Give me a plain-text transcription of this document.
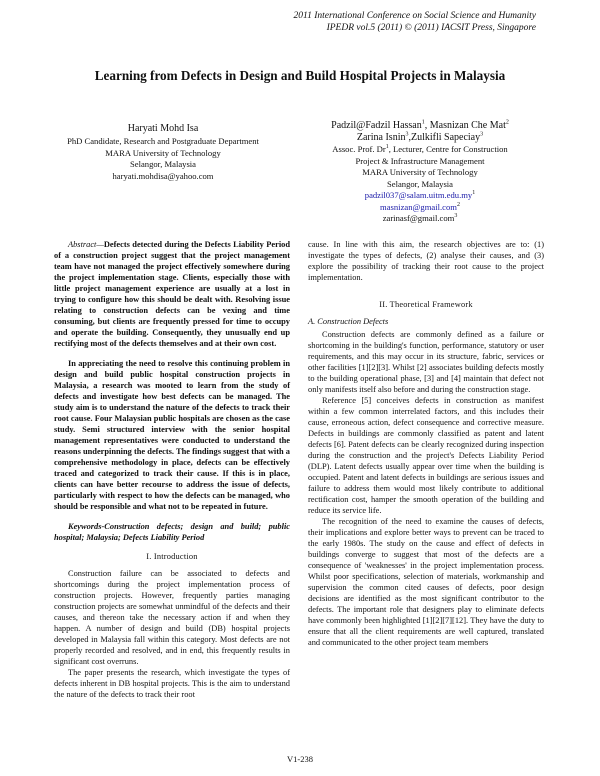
2011 International Conference on Social Science and Humanity
IPEDR vol.5 (2011) © (2011) IACSIT Press, Singapore
Learning from Defects in Design and Build Hospital Projects in Malaysia
Haryati Mohd Isa
PhD Candidate, Research and Postgraduate Department
MARA University of Technology
Selangor, Malaysia
haryati.mohdisa@yahoo.com
Padzil@Fadzil Hassan$^1$, Masnizan Che Mat$^2$
Zarina Isnin$^3$,Zulkifli Sapeciay$^3$
Assoc. Prof. Dr$^1$, Lecturer, Centre for Construction
Project & Infrastructure Management
MARA University of Technology
Selangor, Malaysia
$padzil037@salam.uitm.edu.my^1$
masnizan@gmail.com$^2$
zarinasf@gmail.com$^3$

Abstract—Defects detected during the Defects Liability Period of a construction project suggest that the project management team have not managed the project effectively somewhere during the project implementation stage. Clients, especially those with little project management experience are usually at a lost in trying to configure how this should be dealt with. Resolving issue relating to construction defects can be vexing and time consuming, but clients are frequently pressed for time to occupy and operate the building. Consequently, they unusually end up rectifying most of the defects themselves and at their own cost.

In appreciating the need to resolve this continuing problem in design and build public hospital construction projects in Malaysia, a research was mooted to learn from the study of defects and investigate how best defects can be managed. The study aim is to understand the nature of the defects to track their root cause. Four Malaysian public hospitals are chosen as the case study. Semi structured interview with the senior hospital management representatives were conducted to understand the reasons underpinning the defects. The findings suggest that with a comprehensive methodology in place, defects can be effectively traced and categorized to track their cause. If this is in place, clients can have better recourse to address the issue of defects, particularly with respect to how the defects can be managed, who should be responsible and what not to be repeated in future.

Keywords-Construction defects; design and build; public hospital; Malaysia; Defects Liability Period

I. Introduction

Construction failure can be associated to defects and shortcomings during the project implementation process of construction projects. However, frequently parties managing construction projects are somewhat unmindful of the defects and their causes, and thereon take the necessary action if and when they happen. A number of design and build (DB) hospital projects developed in Malaysia fall within this category. Most defects are not properly recorded and resolved, and in end, this frequently results in significant cost overruns.

The paper presents the research, which investigate the types of defects inherent in DB hospital projects. This is the aim to understand the nature of the defects to track their root

cause. In line with this aim, the research objectives are to: (1) investigate the types of defects, (2) analyse their causes, and (3) explore the possibility of tracking their root cause to the project implementation.

II. Theoretical Framework
A. Construction Defects

Construction defects are commonly defined as a failure or shortcoming in the building's function, performance, statutory or user requirements, and this may occur in its structure, fabric, services or other facilities [1][2][3]. Whilst [2] associates building defects mostly to the building operational phase, [3] and [4] maintain that defect not only manifests itself also before and during the construction stage.

Reference [5] conceives defects in construction as manifest within a few common interrelated factors, and this includes their cause, erroneous action, defect consequence and corrective measure. Defects in buildings are commonly classified as patent and latent defects [6]. Patent defects can be clearly recognized during inspection during the construction and the project's Defects Liability Period (DLP). Latent defects usually appear over time when the building is occupied. Patent and latent defects in buildings are serious issues and failure to address them would most likely contribute to additional rectification cost, hamper the smooth operation of the building and reduce its service life.

The recognition of the need to examine the causes of defects, their implications and explore better ways to prevent can be traced to the early 1980s. The study on the cause and effect of defects in buildings converge to suggest that most of the defects are a consequence of 'weaknesses' in the project implementation process. Whilst poor specifications, selection of materials, workmanship and supervision the common cited causes of defects, poor design decisions are identified as the most significant contributor to the defects. The important role that designers play to eliminate defects have commonly been highlighted [1][2][7][12]. They have the duty to ensure that all the client requirements are well captured, translated and communicated to the other project team members

V1-238
